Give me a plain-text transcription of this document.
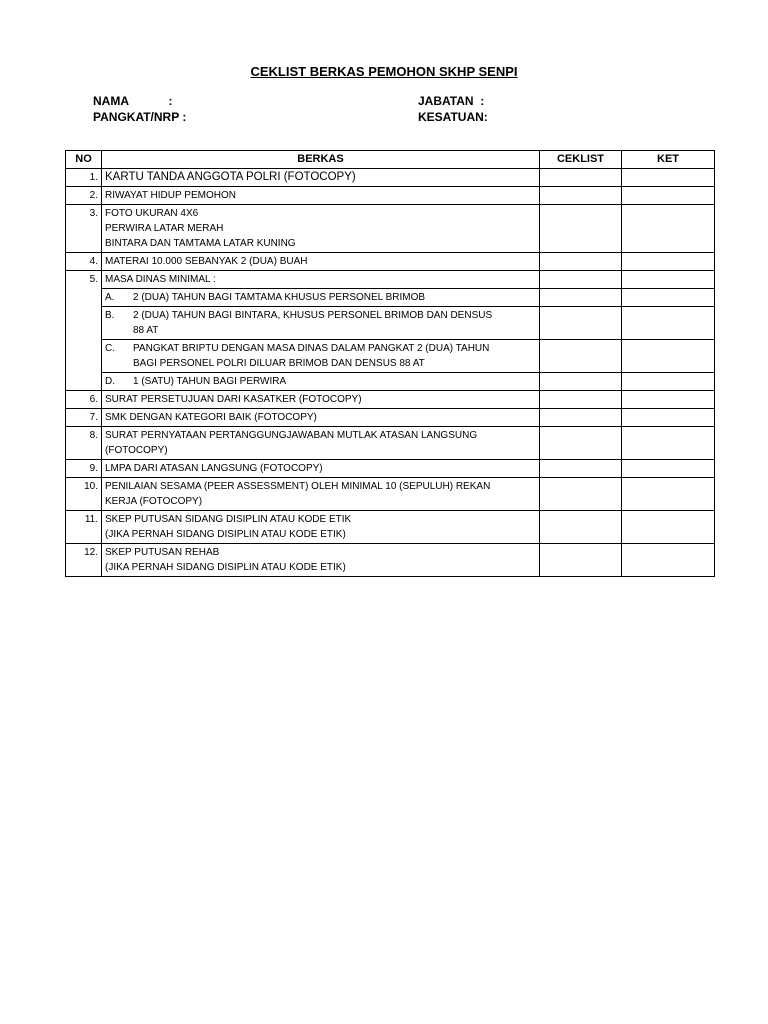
CEKLIST BERKAS PEMOHON SKHP SENPI
NAMA            :
PANGKAT/NRP :
JABATAN  :
KESATUAN:
NO	BERKAS	CEKLIST	KET
1.	KARTU TANDA ANGGOTA POLRI (FOTOCOPY)		

2.	RIWAYAT HIDUP PEMOHON		

3.	FOTO UKURAN 4X6
PERWIRA LATAR MERAH
BINTARA DAN TAMTAMA LATAR KUNING		

4.	MATERAI 10.000 SEBANYAK 2 (DUA) BUAH		

5.	MASA DINAS MINIMAL :		

	A. 2 (DUA) TAHUN BAGI TAMTAMA KHUSUS PERSONEL BRIMOB		

	B. 2 (DUA) TAHUN BAGI BINTARA, KHUSUS PERSONEL BRIMOB DAN DENSUS
88 AT		

	C. PANGKAT BRIPTU DENGAN MASA DINAS DALAM PANGKAT 2 (DUA) TAHUN
BAGI PERSONEL POLRI DILUAR BRIMOB DAN DENSUS 88 AT		

	D. 1 (SATU) TAHUN BAGI PERWIRA		

6.	SURAT PERSETUJUAN DARI KASATKER (FOTOCOPY)		

7.	SMK DENGAN KATEGORI BAIK (FOTOCOPY)		

8.	SURAT PERNYATAAN PERTANGGUNGJAWABAN MUTLAK ATASAN LANGSUNG
(FOTOCOPY)		

9.	LMPA DARI ATASAN LANGSUNG (FOTOCOPY)		

10.	PENILAIAN SESAMA (PEER ASSESSMENT) OLEH MINIMAL 10 (SEPULUH) REKAN
KERJA (FOTOCOPY)		

11.	SKEP PUTUSAN SIDANG DISIPLIN ATAU KODE ETIK
(JIKA PERNAH SIDANG DISIPLIN ATAU KODE ETIK)		

12.	SKEP PUTUSAN REHAB
(JIKA PERNAH SIDANG DISIPLIN ATAU KODE ETIK)		
